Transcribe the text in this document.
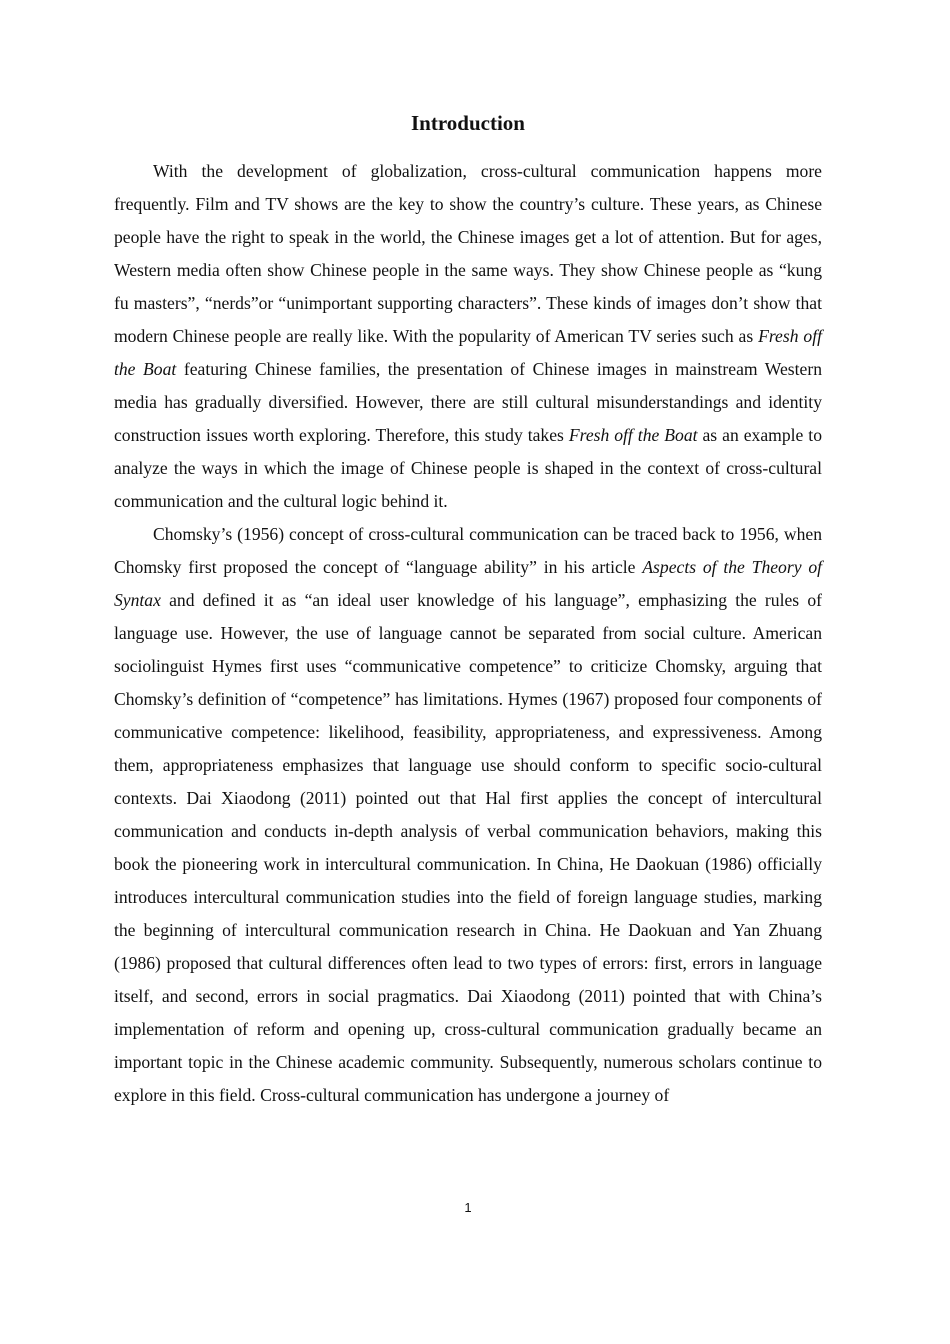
Introduction

With the development of globalization, cross-cultural communication happens more frequently. Film and TV shows are the key to show the country’s culture. These years, as Chinese people have the right to speak in the world, the Chinese images get a lot of attention. But for ages, Western media often show Chinese people in the same ways. They show Chinese people as “kung fu masters”, “nerds”or “unimportant supporting characters”. These kinds of images don’t show that modern Chinese people are really like. With the popularity of American TV series such as Fresh off the Boat featuring Chinese families, the presentation of Chinese images in mainstream Western media has gradually diversified. However, there are still cultural misunderstandings and identity construction issues worth exploring. Therefore, this study takes Fresh off the Boat as an example to analyze the ways in which the image of Chinese people is shaped in the context of cross-cultural communication and the cultural logic behind it.

Chomsky’s (1956) concept of cross-cultural communication can be traced back to 1956, when Chomsky first proposed the concept of “language ability” in his article Aspects of the Theory of Syntax and defined it as “an ideal user knowledge of his language”, emphasizing the rules of language use. However, the use of language cannot be separated from social culture. American sociolinguist Hymes first uses “communicative competence” to criticize Chomsky, arguing that Chomsky’s definition of “competence” has limitations. Hymes (1967) proposed four components of communicative competence: likelihood, feasibility, appropriateness, and expressiveness. Among them, appropriateness emphasizes that language use should conform to specific socio-cultural contexts. Dai Xiaodong (2011) pointed out that Hal first applies the concept of intercultural communication and conducts in-depth analysis of verbal communication behaviors, making this book the pioneering work in intercultural communication. In China, He Daokuan (1986) officially introduces intercultural communication studies into the field of foreign language studies, marking the beginning of intercultural communication research in China. He Daokuan and Yan Zhuang (1986) proposed that cultural differences often lead to two types of errors: first, errors in language itself, and second, errors in social pragmatics. Dai Xiaodong (2011) pointed that with China’s implementation of reform and opening up, cross-cultural communication gradually became an important topic in the Chinese academic community. Subsequently, numerous scholars continue to explore in this field. Cross-cultural communication has undergone a journey of

1
